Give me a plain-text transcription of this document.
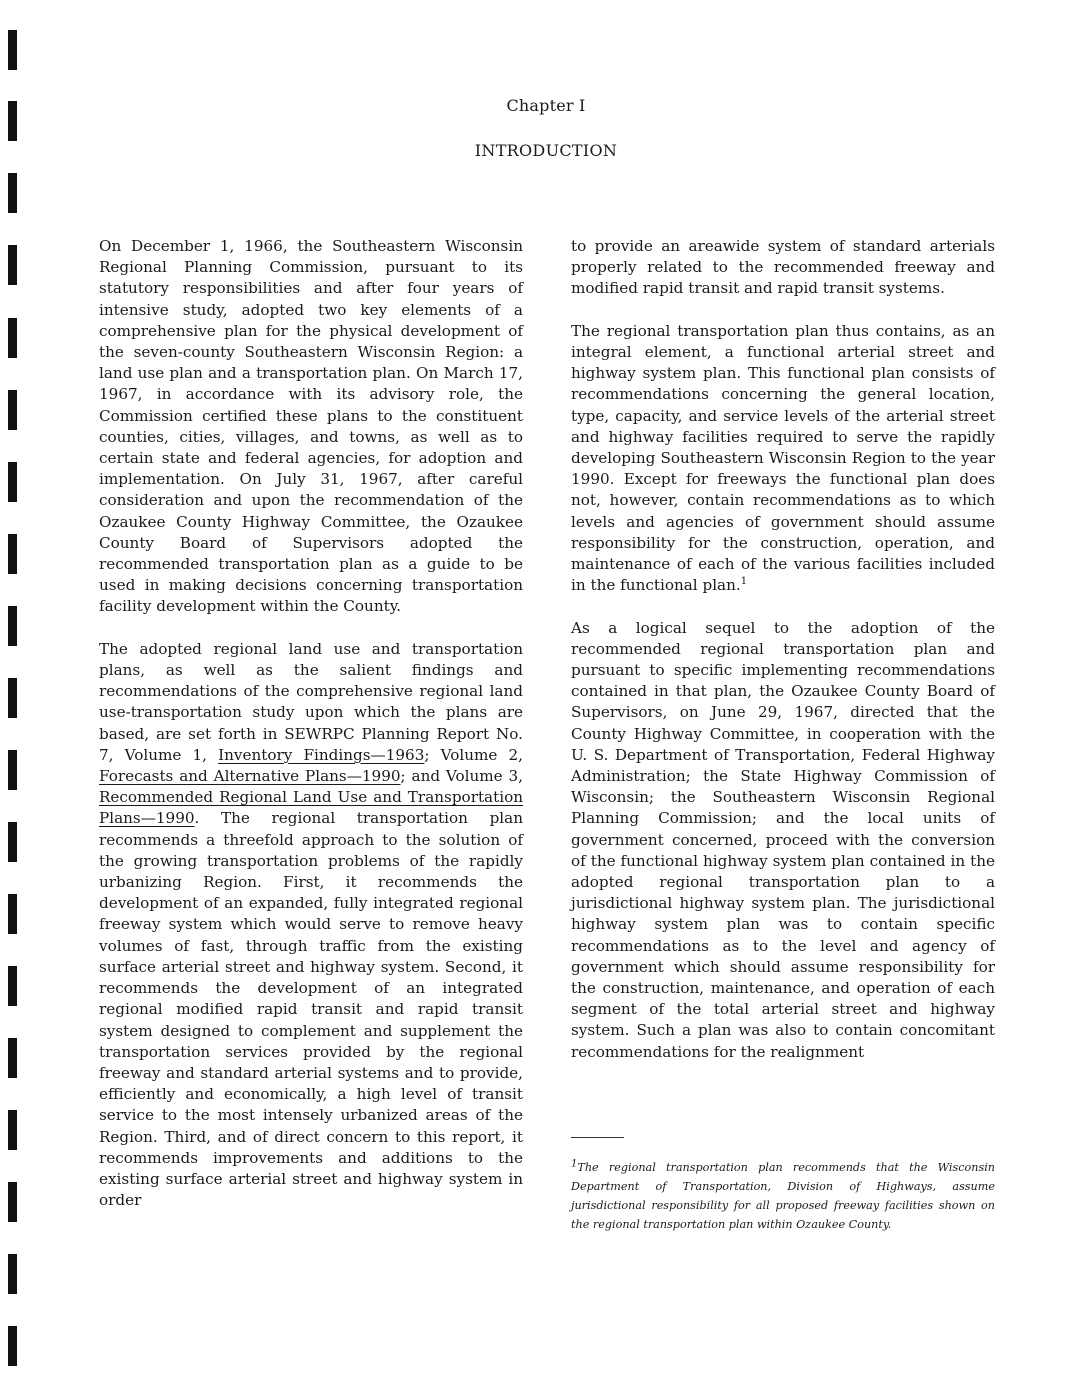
Chapter I
INTRODUCTION

On December 1, 1966, the Southeastern Wisconsin Regional Planning Commission, pursuant to its statutory responsibilities and after four years of intensive study, adopted two key elements of a comprehensive plan for the physical development of the seven-county Southeastern Wisconsin Region: a land use plan and a transportation plan. On March 17, 1967, in accordance with its advisory role, the Commission certified these plans to the constituent counties, cities, villages, and towns, as well as to certain state and federal agencies, for adoption and implementation. On July 31, 1967, after careful consideration and upon the recommendation of the Ozaukee County Highway Committee, the Ozaukee County Board of Supervisors adopted the recommended transportation plan as a guide to be used in making decisions concerning transportation facility development within the County.

The adopted regional land use and transportation plans, as well as the salient findings and recommendations of the comprehensive regional land use-transportation study upon which the plans are based, are set forth in SEWRPC Planning Report No. 7, Volume 1, Inventory Findings—1963; Volume 2, Forecasts and Alternative Plans—1990; and Volume 3, Recommended Regional Land Use and Transportation Plans—1990. The regional transportation plan recommends a threefold approach to the solution of the growing transportation problems of the rapidly urbanizing Region. First, it recommends the development of an expanded, fully integrated regional freeway system which would serve to remove heavy volumes of fast, through traffic from the existing surface arterial street and highway system. Second, it recommends the development of an integrated regional modified rapid transit and rapid transit system designed to complement and supplement the transportation services provided by the regional freeway and standard arterial systems and to provide, efficiently and economically, a high level of transit service to the most intensely urbanized areas of the Region. Third, and of direct concern to this report, it recommends improvements and additions to the existing surface arterial street and highway system in order

to provide an areawide system of standard arterials properly related to the recommended freeway and modified rapid transit and rapid transit systems.

The regional transportation plan thus contains, as an integral element, a functional arterial street and highway system plan. This functional plan consists of recommendations concerning the general location, type, capacity, and service levels of the arterial street and highway facilities required to serve the rapidly developing Southeastern Wisconsin Region to the year 1990. Except for freeways the functional plan does not, however, contain recommendations as to which levels and agencies of government should assume responsibility for the construction, operation, and maintenance of each of the various facilities included in the functional plan.$^1$

As a logical sequel to the adoption of the recommended regional transportation plan and pursuant to specific implementing recommendations contained in that plan, the Ozaukee County Board of Supervisors, on June 29, 1967, directed that the County Highway Committee, in cooperation with the U. S. Department of Transportation, Federal Highway Administration; the State Highway Commission of Wisconsin; the Southeastern Wisconsin Regional Planning Commission; and the local units of government concerned, proceed with the conversion of the functional highway system plan contained in the adopted regional transportation plan to a jurisdictional highway system plan. The jurisdictional highway system plan was to contain specific recommendations as to the level and agency of government which should assume responsibility for the construction, maintenance, and operation of each segment of the total arterial street and highway system. Such a plan was also to contain concomitant recommendations for the realignment

1The regional transportation plan recommends that the Wisconsin Department of Transportation, Division of Highways, assume jurisdictional responsibility for all proposed freeway facilities shown on the regional transportation plan within Ozaukee County.
